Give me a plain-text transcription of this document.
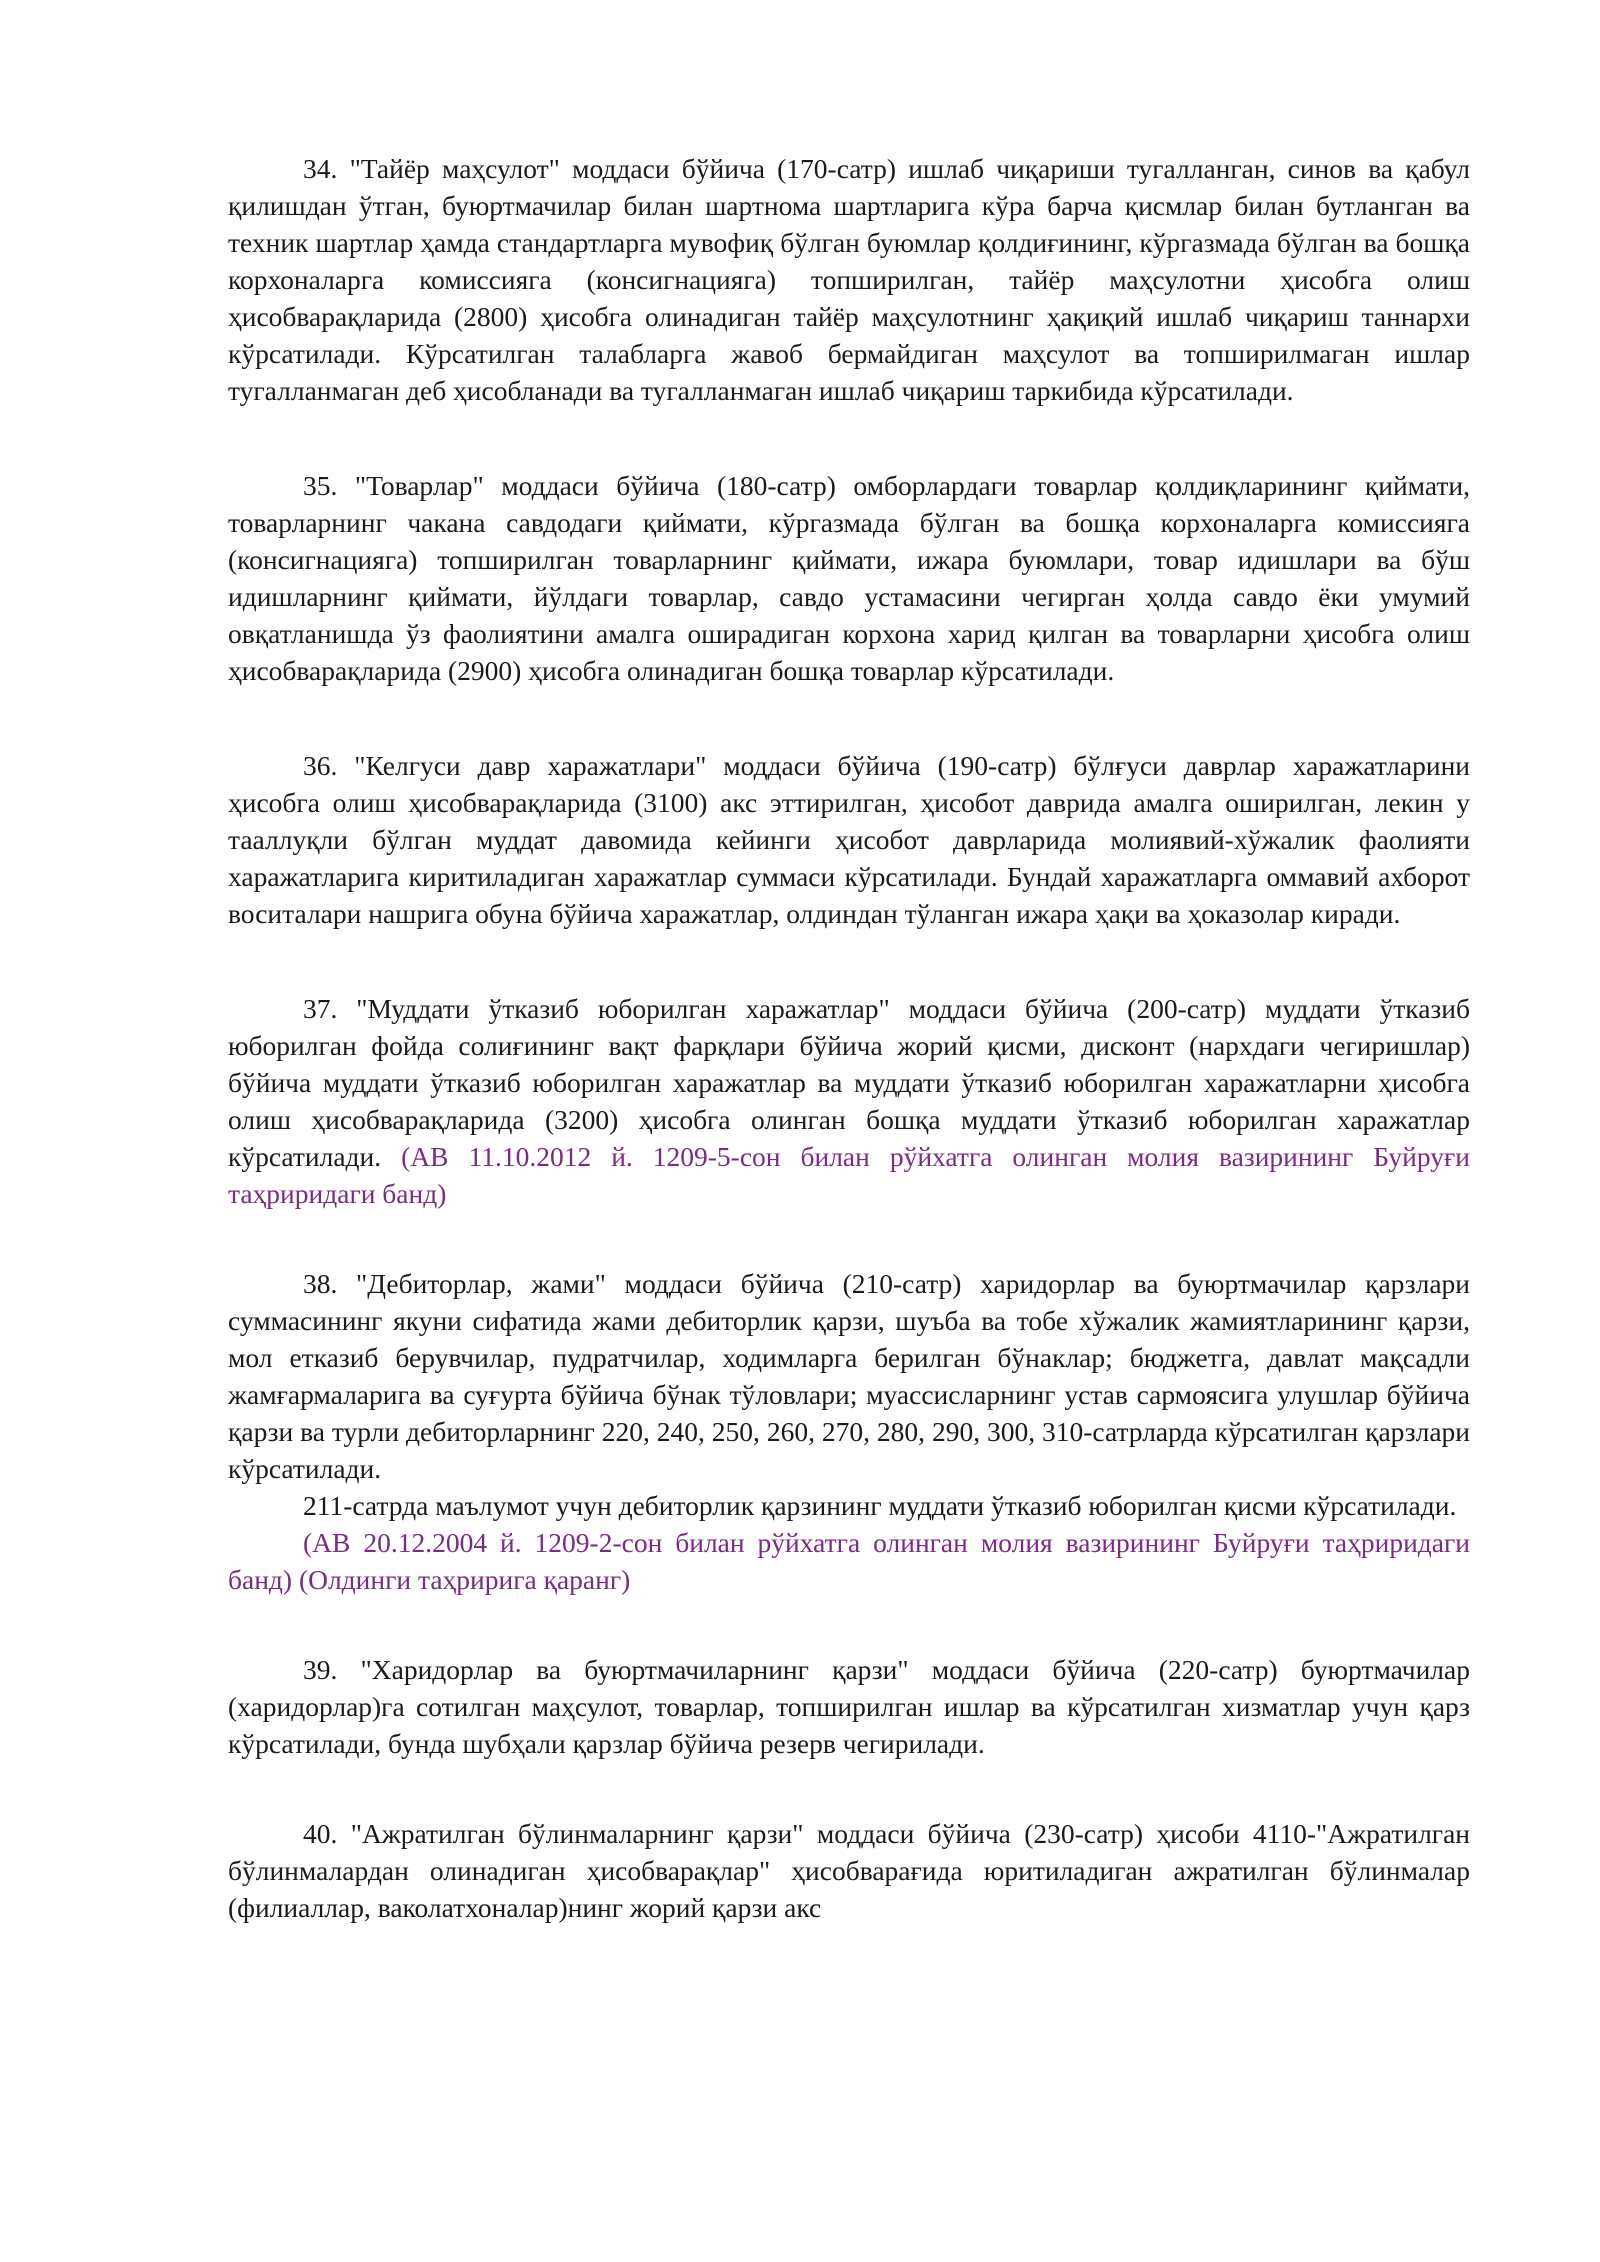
34. "Тайёр маҳсулот" моддаси бўйича (170-сатр) ишлаб чиқариши тугалланган, синов ва қабул қилишдан ўтган, буюртмачилар билан шартнома шартларига кўра барча қисмлар билан бутланган ва техник шартлар ҳамда стандартларга мувофиқ бўлган буюмлар қолдиғининг, кўргазмада бўлган ва бошқа корхоналарга комиссияга (консигнацияга) топширилган, тайёр маҳсулотни ҳисобга олиш ҳисобварақларида (2800) ҳисобга олинадиган тайёр маҳсулотнинг ҳақиқий ишлаб чиқариш таннархи кўрсатилади. Кўрсатилган талабларга жавоб бермайдиган маҳсулот ва топширилмаган ишлар тугалланмаган деб ҳисобланади ва тугалланмаган ишлаб чиқариш таркибида кўрсатилади.

35. "Товарлар" моддаси бўйича (180-сатр) омборлардаги товарлар қолдиқларининг қиймати, товарларнинг чакана савдодаги қиймати, кўргазмада бўлган ва бошқа корхоналарга комиссияга (консигнацияга) топширилган товарларнинг қиймати, ижара буюмлари, товар идишлари ва бўш идишларнинг қиймати, йўлдаги товарлар, савдо устамасини чегирган ҳолда савдо ёки умумий овқатланишда ўз фаолиятини амалга оширадиган корхона харид қилган ва товарларни ҳисобга олиш ҳисобварақларида (2900) ҳисобга олинадиган бошқа товарлар кўрсатилади.

36. "Келгуси давр харажатлари" моддаси бўйича (190-сатр) бўлғуси даврлар харажатларини ҳисобга олиш ҳисобварақларида (3100) акс эттирилган, ҳисобот даврида амалга оширилган, лекин у тааллуқли бўлган муддат давомида кейинги ҳисобот даврларида молиявий-хўжалик фаолияти харажатларига киритиладиган харажатлар суммаси кўрсатилади. Бундай харажатларга оммавий ахборот воситалари нашрига обуна бўйича харажатлар, олдиндан тўланган ижара ҳақи ва ҳоказолар киради.

37. "Муддати ўтказиб юборилган харажатлар" моддаси бўйича (200-сатр) муддати ўтказиб юборилган фойда солиғининг вақт фарқлари бўйича жорий қисми, дисконт (нархдаги чегиришлар) бўйича муддати ўтказиб юборилган харажатлар ва муддати ўтказиб юборилган харажатларни ҳисобга олиш ҳисобварақларида (3200) ҳисобга олинган бошқа муддати ўтказиб юборилган харажатлар кўрсатилади. (АВ 11.10.2012 й. 1209-5-сон билан рўйхатга олинган молия вазирининг Буйруғи таҳриридаги банд)

38. "Дебиторлар, жами" моддаси бўйича (210-сатр) харидорлар ва буюртмачилар қарзлари суммасининг якуни сифатида жами дебиторлик қарзи, шуъба ва тобе хўжалик жамиятларининг қарзи, мол етказиб берувчилар, пудратчилар, ходимларга берилган бўнаклар; бюджетга, давлат мақсадли жамғармаларига ва суғурта бўйича бўнак тўловлари; муассисларнинг устав сармоясига улушлар бўйича қарзи ва турли дебиторларнинг 220, 240, 250, 260, 270, 280, 290, 300, 310-сатрларда кўрсатилган қарзлари кўрсатилади.

211-сатрда маълумот учун дебиторлик қарзининг муддати ўтказиб юборилган қисми кўрсатилади.

(АВ 20.12.2004 й. 1209-2-сон билан рўйхатга олинган молия вазирининг Буйруғи таҳриридаги банд) (Олдинги таҳририга қаранг)

39. "Харидорлар ва буюртмачиларнинг қарзи" моддаси бўйича (220-сатр) буюртмачилар (харидорлар)га сотилган маҳсулот, товарлар, топширилган ишлар ва кўрсатилган хизматлар учун қарз кўрсатилади, бунда шубҳали қарзлар бўйича резерв чегирилади.

40. "Ажратилган бўлинмаларнинг қарзи" моддаси бўйича (230-сатр) ҳисоби 4110-"Ажратилган бўлинмалардан олинадиган ҳисобварақлар" ҳисобварағида юритиладиган ажратилган бўлинмалар (филиаллар, ваколатхоналар)нинг жорий қарзи акс
